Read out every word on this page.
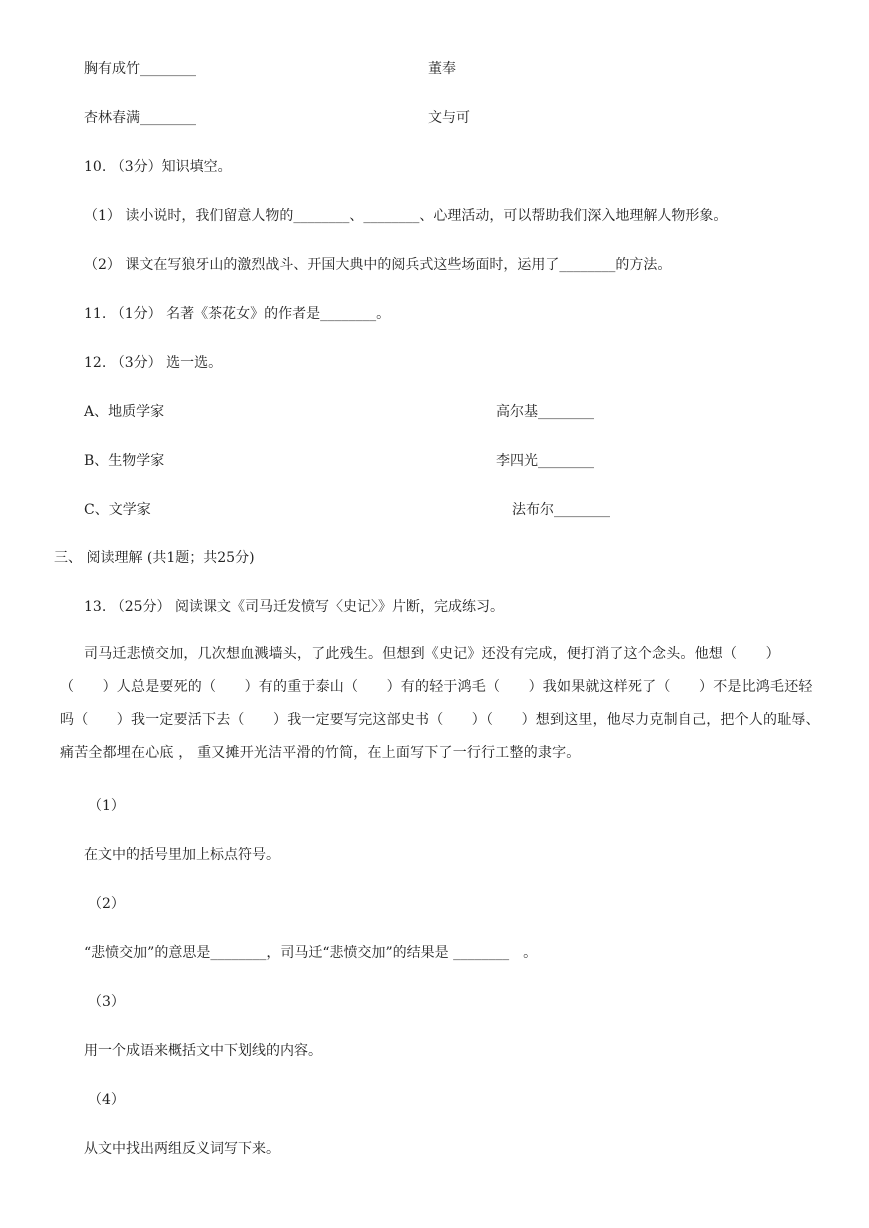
胸有成竹________	董奉
杏林春满________	文与可
10. （3分）知识填空。
（1） 读小说时，我们留意人物的________、________、心理活动，可以帮助我们深入地理解人物形象。
（2） 课文在写狼牙山的激烈战斗、开国大典中的阅兵式这些场面时，运用了________的方法。
11. （1分） 名著《茶花女》的作者是________。
12. （3分） 选一选。
A、地质学家	高尔基________
B、生物学家	李四光________
C、文学家	法布尔________
三、 阅读理解 (共1题；共25分)
13. （25分） 阅读课文《司马迁发愤写〈史记〉》片断，完成练习。
司马迁悲愤交加，几次想血溅墙头，了此残生。但想到《史记》还没有完成，便打消了这个念头。他想（　　）（　　）人总是要死的（　　）有的重于泰山（　　）有的轻于鸿毛（　　）我如果就这样死了（　　）不是比鸿毛还轻吗（　　）我一定要活下去（　　）我一定要写完这部史书（　　）（　　）想到这里，他尽力克制自己，把个人的耻辱、痛苦全都埋在心底 ， 重又摊开光洁平滑的竹简，在上面写下了一行行工整的隶字。
（1）
在文中的括号里加上标点符号。
（2）
“悲愤交加”的意思是________，司马迁“悲愤交加”的结果是 ________　。
（3）
用一个成语来概括文中下划线的内容。
（4）
从文中找出两组反义词写下来。
